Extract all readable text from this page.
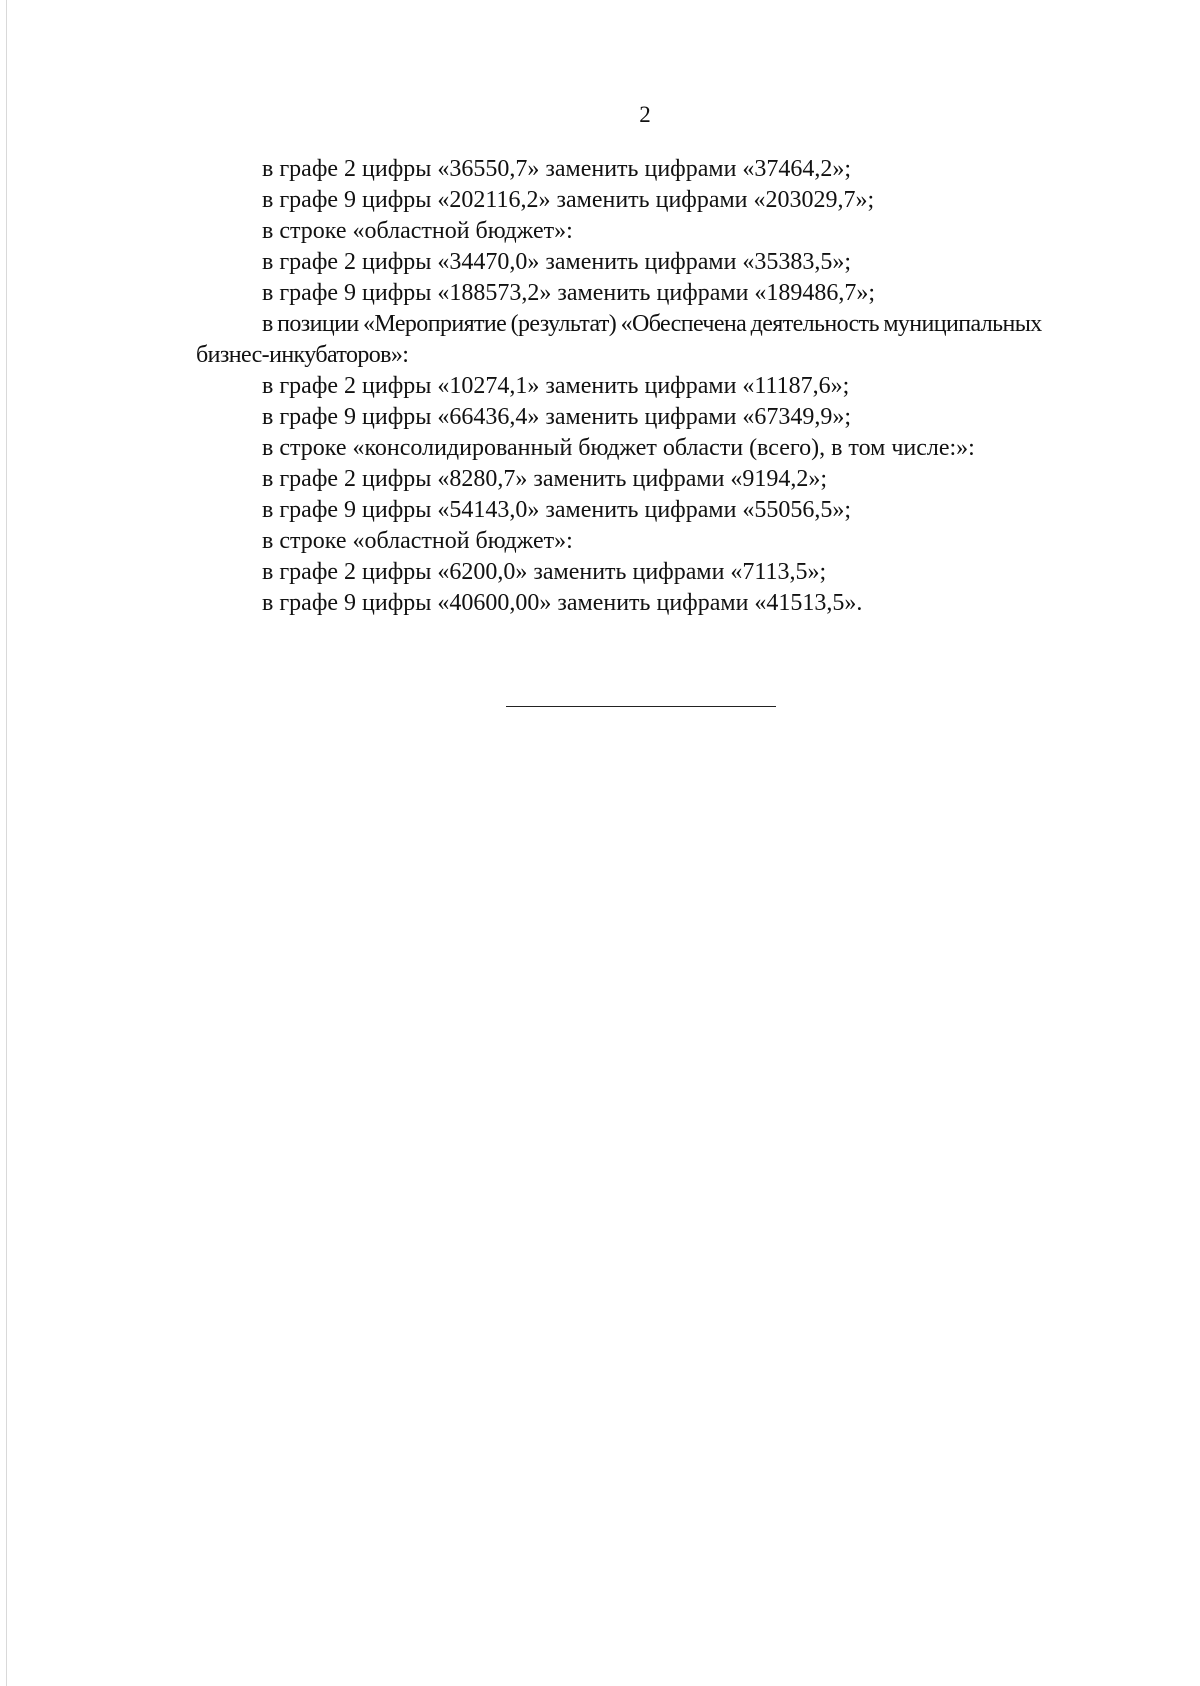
2

в графе 2 цифры «36550,7» заменить цифрами «37464,2»;

в графе 9 цифры «202116,2» заменить цифрами «203029,7»;

в строке «областной бюджет»:

в графе 2 цифры «34470,0» заменить цифрами «35383,5»;

в графе 9 цифры «188573,2» заменить цифрами «189486,7»;

в позиции «Мероприятие (результат) «Обеспечена деятельность муниципальных бизнес-инкубаторов»:

в графе 2 цифры «10274,1» заменить цифрами «11187,6»;

в графе 9 цифры «66436,4» заменить цифрами «67349,9»;

в строке «консолидированный бюджет области (всего), в том числе:»:

в графе 2 цифры «8280,7» заменить цифрами «9194,2»;

в графе 9 цифры «54143,0» заменить цифрами «55056,5»;

в строке «областной бюджет»:

в графе 2 цифры «6200,0» заменить цифрами «7113,5»;

в графе 9 цифры «40600,00» заменить цифрами «41513,5».
